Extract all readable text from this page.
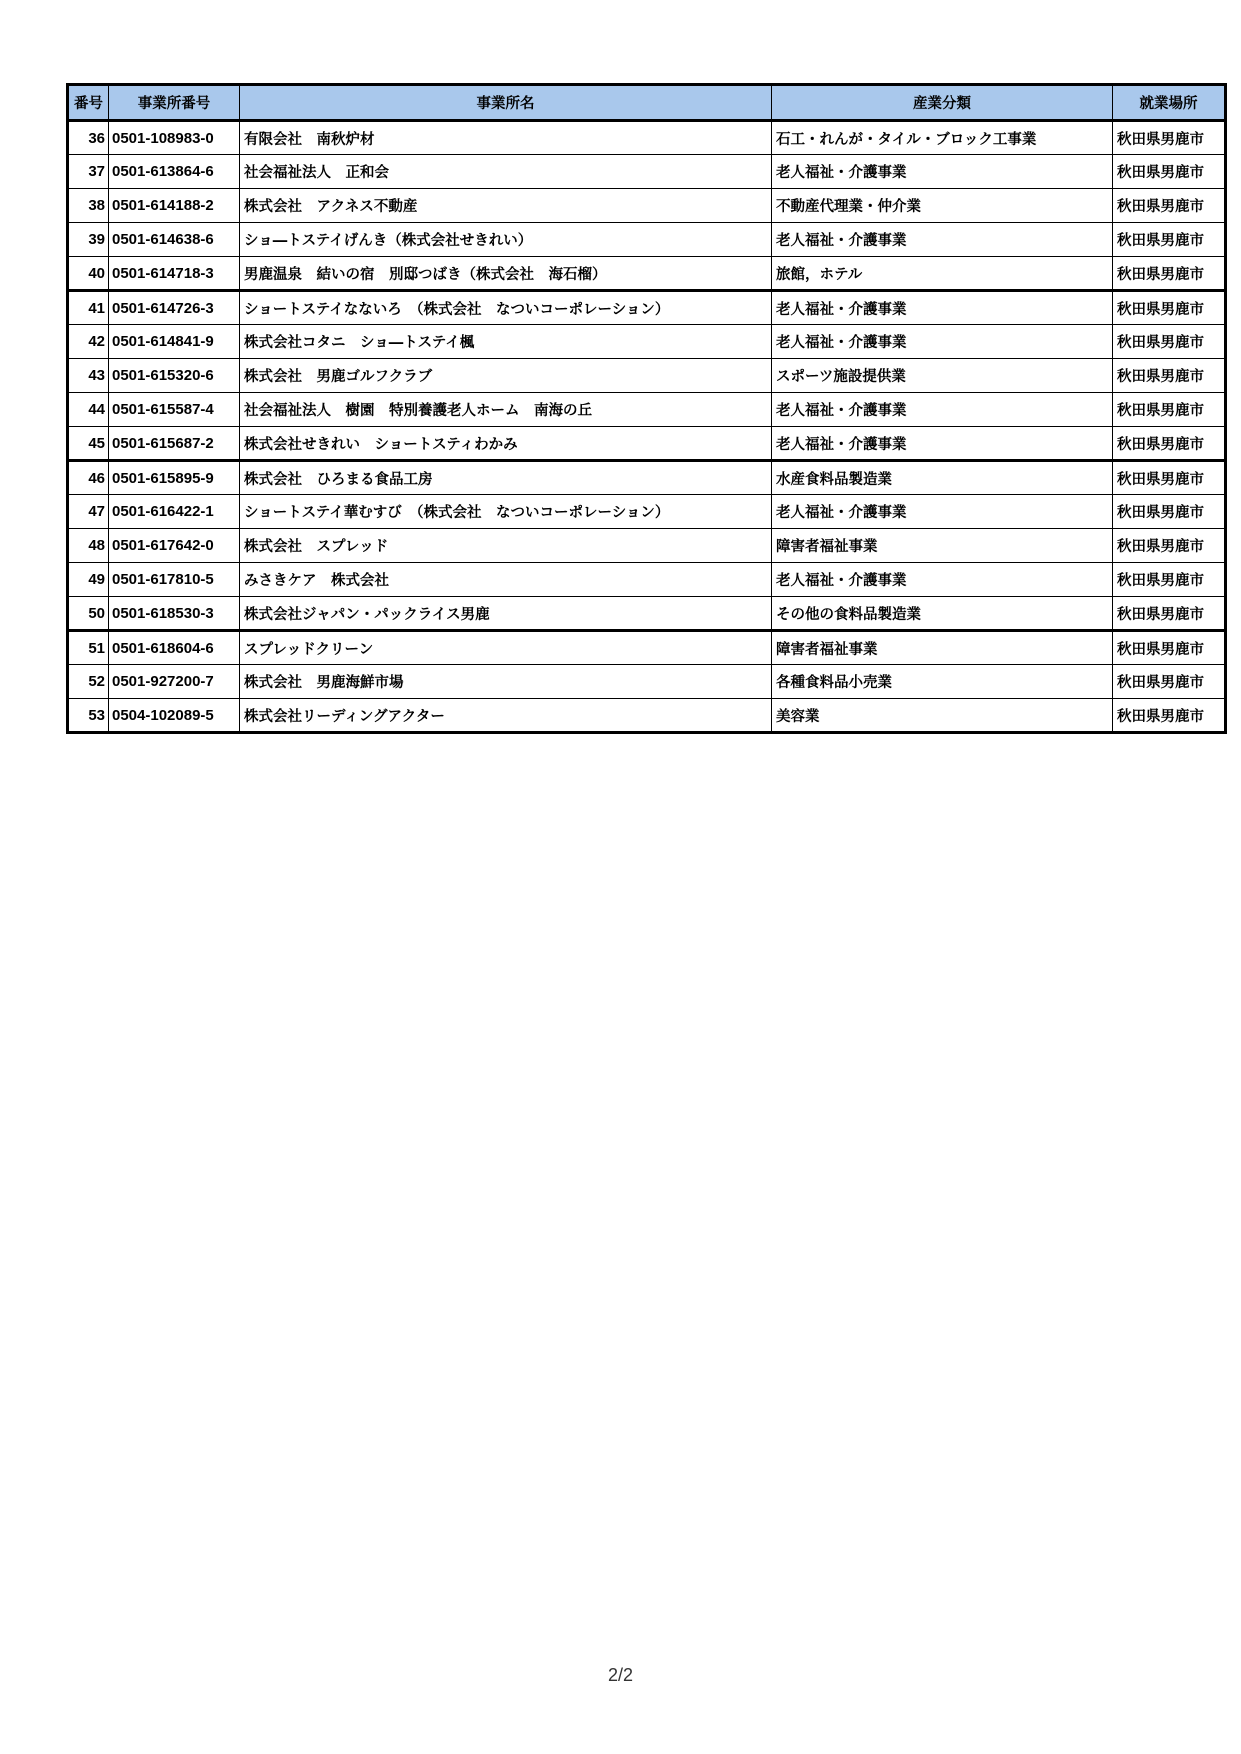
番号	事業所番号	事業所名	産業分類	就業場所
36	0501-108983-0	有限会社　南秋炉材	石工・れんが・タイル・ブロック工事業	秋田県男鹿市
37	0501-613864-6	社会福祉法人　正和会	老人福祉・介護事業	秋田県男鹿市
38	0501-614188-2	株式会社　アクネス不動産	不動産代理業・仲介業	秋田県男鹿市
39	0501-614638-6	ショ―トステイげんき（株式会社せきれい）	老人福祉・介護事業	秋田県男鹿市
40	0501-614718-3	男鹿温泉　結いの宿　別邸つばき（株式会社　海石榴）	旅館，ホテル	秋田県男鹿市
41	0501-614726-3	ショートステイなないろ　（株式会社　なついコーポレーション）	老人福祉・介護事業	秋田県男鹿市
42	0501-614841-9	株式会社コタニ　ショ―トステイ楓	老人福祉・介護事業	秋田県男鹿市
43	0501-615320-6	株式会社　男鹿ゴルフクラブ	スポーツ施設提供業	秋田県男鹿市
44	0501-615587-4	社会福祉法人　樹園　特別養護老人ホーム　南海の丘	老人福祉・介護事業	秋田県男鹿市
45	0501-615687-2	株式会社せきれい　ショートスティわかみ	老人福祉・介護事業	秋田県男鹿市
46	0501-615895-9	株式会社　ひろまる食品工房	水産食料品製造業	秋田県男鹿市
47	0501-616422-1	ショートステイ華むすび　（株式会社　なついコーポレーション）	老人福祉・介護事業	秋田県男鹿市
48	0501-617642-0	株式会社　スプレッド	障害者福祉事業	秋田県男鹿市
49	0501-617810-5	みさきケア　株式会社	老人福祉・介護事業	秋田県男鹿市
50	0501-618530-3	株式会社ジャパン・パックライス男鹿	その他の食料品製造業	秋田県男鹿市
51	0501-618604-6	スプレッドクリーン	障害者福祉事業	秋田県男鹿市
52	0501-927200-7	株式会社　男鹿海鮮市場	各種食料品小売業	秋田県男鹿市
53	0504-102089-5	株式会社リーディングアクター	美容業	秋田県男鹿市
2/2
